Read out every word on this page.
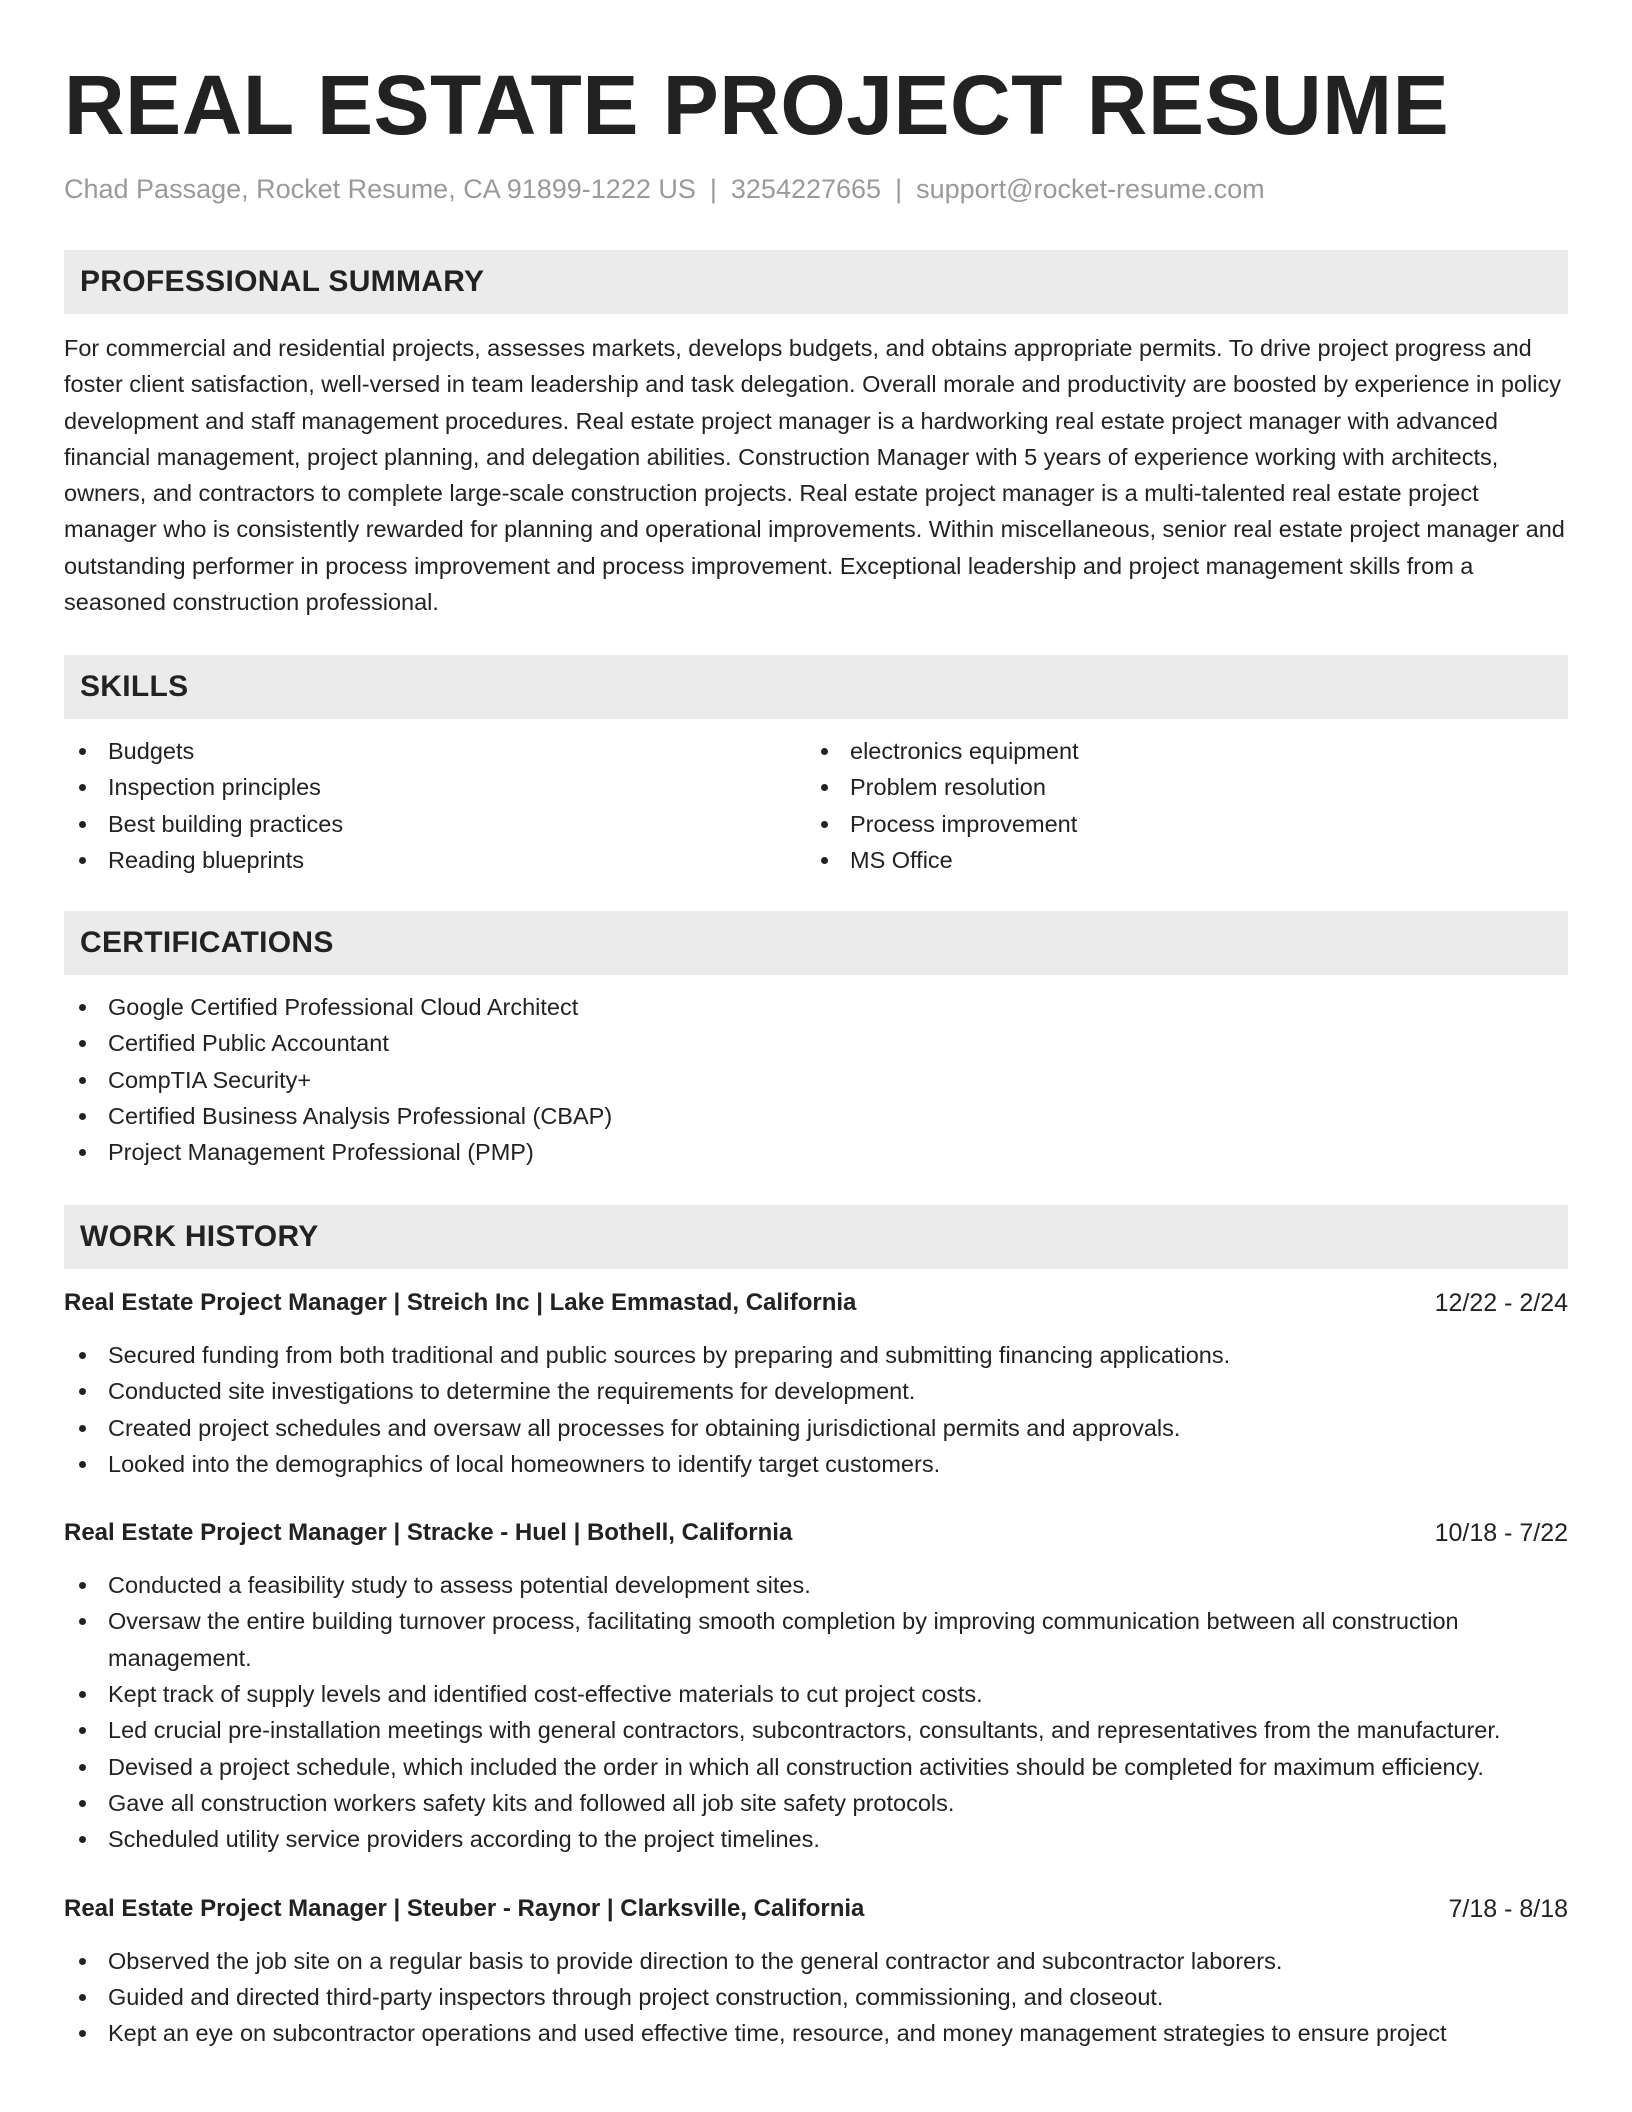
REAL ESTATE PROJECT RESUME
Chad Passage, Rocket Resume, CA 91899-1222 US | 3254227665 | support@rocket-resume.com
PROFESSIONAL SUMMARY

For commercial and residential projects, assesses markets, develops budgets, and obtains appropriate permits. To drive project progress and foster client satisfaction, well-versed in team leadership and task delegation. Overall morale and productivity are boosted by experience in policy development and staff management procedures. Real estate project manager is a hardworking real estate project manager with advanced financial management, project planning, and delegation abilities. Construction Manager with 5 years of experience working with architects, owners, and contractors to complete large-scale construction projects. Real estate project manager is a multi-talented real estate project manager who is consistently rewarded for planning and operational improvements. Within miscellaneous, senior real estate project manager and outstanding performer in process improvement and process improvement. Exceptional leadership and project management skills from a seasoned construction professional.

SKILLS
Budgets
Inspection principles
Best building practices
Reading blueprints
electronics equipment
Problem resolution
Process improvement
MS Office
CERTIFICATIONS
Google Certified Professional Cloud Architect
Certified Public Accountant
CompTIA Security+
Certified Business Analysis Professional (CBAP)
Project Management Professional (PMP)
WORK HISTORY
Real Estate Project Manager | Streich Inc | Lake Emmastad, California	12/22 - 2/24
Secured funding from both traditional and public sources by preparing and submitting financing applications.
Conducted site investigations to determine the requirements for development.
Created project schedules and oversaw all processes for obtaining jurisdictional permits and approvals.
Looked into the demographics of local homeowners to identify target customers.
Real Estate Project Manager | Stracke - Huel | Bothell, California	10/18 - 7/22
Conducted a feasibility study to assess potential development sites.
Oversaw the entire building turnover process, facilitating smooth completion by improving communication between all construction management.
Kept track of supply levels and identified cost-effective materials to cut project costs.
Led crucial pre-installation meetings with general contractors, subcontractors, consultants, and representatives from the manufacturer.
Devised a project schedule, which included the order in which all construction activities should be completed for maximum efficiency.
Gave all construction workers safety kits and followed all job site safety protocols.
Scheduled utility service providers according to the project timelines.
Real Estate Project Manager | Steuber - Raynor | Clarksville, California	7/18 - 8/18
Observed the job site on a regular basis to provide direction to the general contractor and subcontractor laborers.
Guided and directed third-party inspectors through project construction, commissioning, and closeout.
Kept an eye on subcontractor operations and used effective time, resource, and money management strategies to ensure project
